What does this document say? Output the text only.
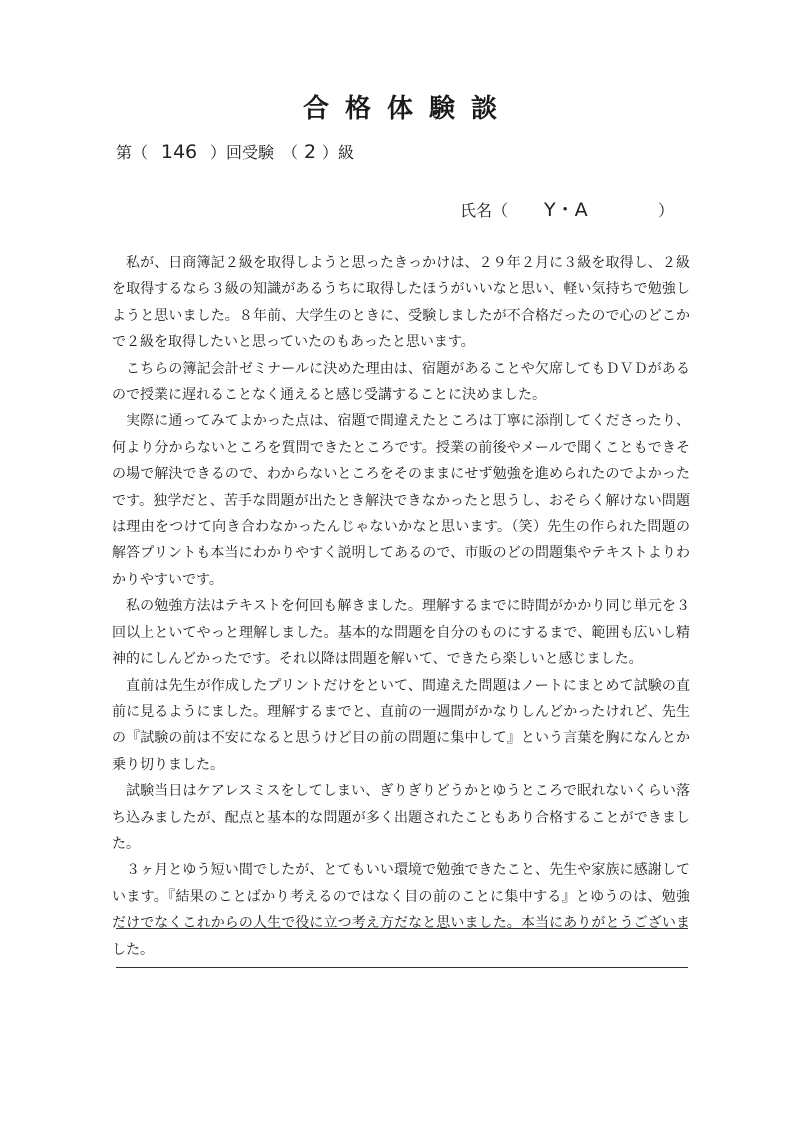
合格体験談
第（ 146 ）回受験　（ 2 ）級
氏名（ Y・A	）

私が、日商簿記２級を取得しようと思ったきっかけは、２９年２月に３級を取得し、２級を取得するなら３級の知識があるうちに取得したほうがいいなと思い、軽い気持ちで勉強しようと思いました。８年前、大学生のときに、受験しましたが不合格だったので心のどこかで２級を取得したいと思っていたのもあったと思います。

こちらの簿記会計ゼミナールに決めた理由は、宿題があることや欠席してもＤＶＤがあるので授業に遅れることなく通えると感じ受講することに決めました。

実際に通ってみてよかった点は、宿題で間違えたところは丁寧に添削してくださったり、何より分からないところを質問できたところです。授業の前後やメールで聞くこともできその場で解決できるので、わからないところをそのままにせず勉強を進められたのでよかったです。独学だと、苦手な問題が出たとき解決できなかったと思うし、おそらく解けない問題は理由をつけて向き合わなかったんじゃないかなと思います。（笑）先生の作られた問題の解答プリントも本当にわかりやすく説明してあるので、市販のどの問題集やテキストよりわかりやすいです。

私の勉強方法はテキストを何回も解きました。理解するまでに時間がかかり同じ単元を３回以上といてやっと理解しました。基本的な問題を自分のものにするまで、範囲も広いし精神的にしんどかったです。それ以降は問題を解いて、できたら楽しいと感じました。

直前は先生が作成したプリントだけをといて、間違えた問題はノートにまとめて試験の直前に見るようにました。理解するまでと、直前の一週間がかなりしんどかったけれど、先生の『試験の前は不安になると思うけど目の前の問題に集中して』という言葉を胸になんとか乗り切りました。

試験当日はケアレスミスをしてしまい、ぎりぎりどうかとゆうところで眠れないくらい落ち込みましたが、配点と基本的な問題が多く出題されたこともあり合格することができました。

３ヶ月とゆう短い間でしたが、とてもいい環境で勉強できたこと、先生や家族に感謝しています。『結果のことばかり考えるのではなく目の前のことに集中する』とゆうのは、勉強だけでなくこれからの人生で役に立つ考え方だなと思いました。本当にありがとうございました。
